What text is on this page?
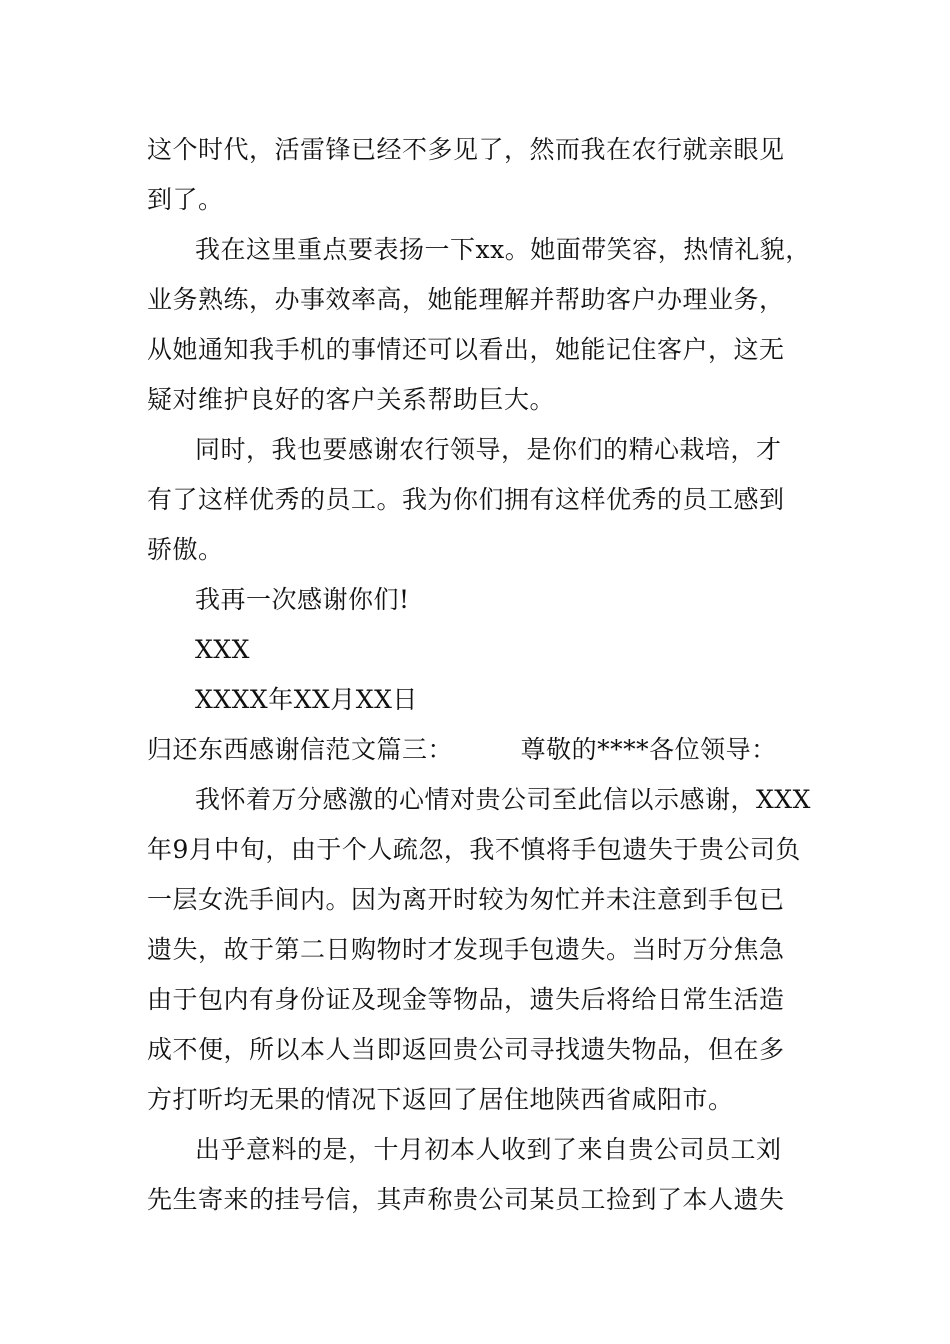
这个时代，活雷锋已经不多见了，然而我在农行就亲眼见
到了。
我在这里重点要表扬一下xx。她面带笑容，热情礼貌，
业务熟练，办事效率高，她能理解并帮助客户办理业务，
从她通知我手机的事情还可以看出，她能记住客户，这无
疑对维护良好的客户关系帮助巨大。
同时，我也要感谢农行领导，是你们的精心栽培，才
有了这样优秀的员工。我为你们拥有这样优秀的员工感到
骄傲。
我再一次感谢你们!
XXX
XXXX年XX月XX日
归还东西感谢信范文篇三：        尊敬的****各位领导：
我怀着万分感激的心情对贵公司至此信以示感谢，XXX
年9月中旬，由于个人疏忽，我不慎将手包遗失于贵公司负
一层女洗手间内。因为离开时较为匆忙并未注意到手包已
遗失，故于第二日购物时才发现手包遗失。当时万分焦急
由于包内有身份证及现金等物品，遗失后将给日常生活造
成不便，所以本人当即返回贵公司寻找遗失物品，但在多
方打听均无果的情况下返回了居住地陕西省咸阳市。
出乎意料的是，十月初本人收到了来自贵公司员工刘
先生寄来的挂号信，其声称贵公司某员工捡到了本人遗失
